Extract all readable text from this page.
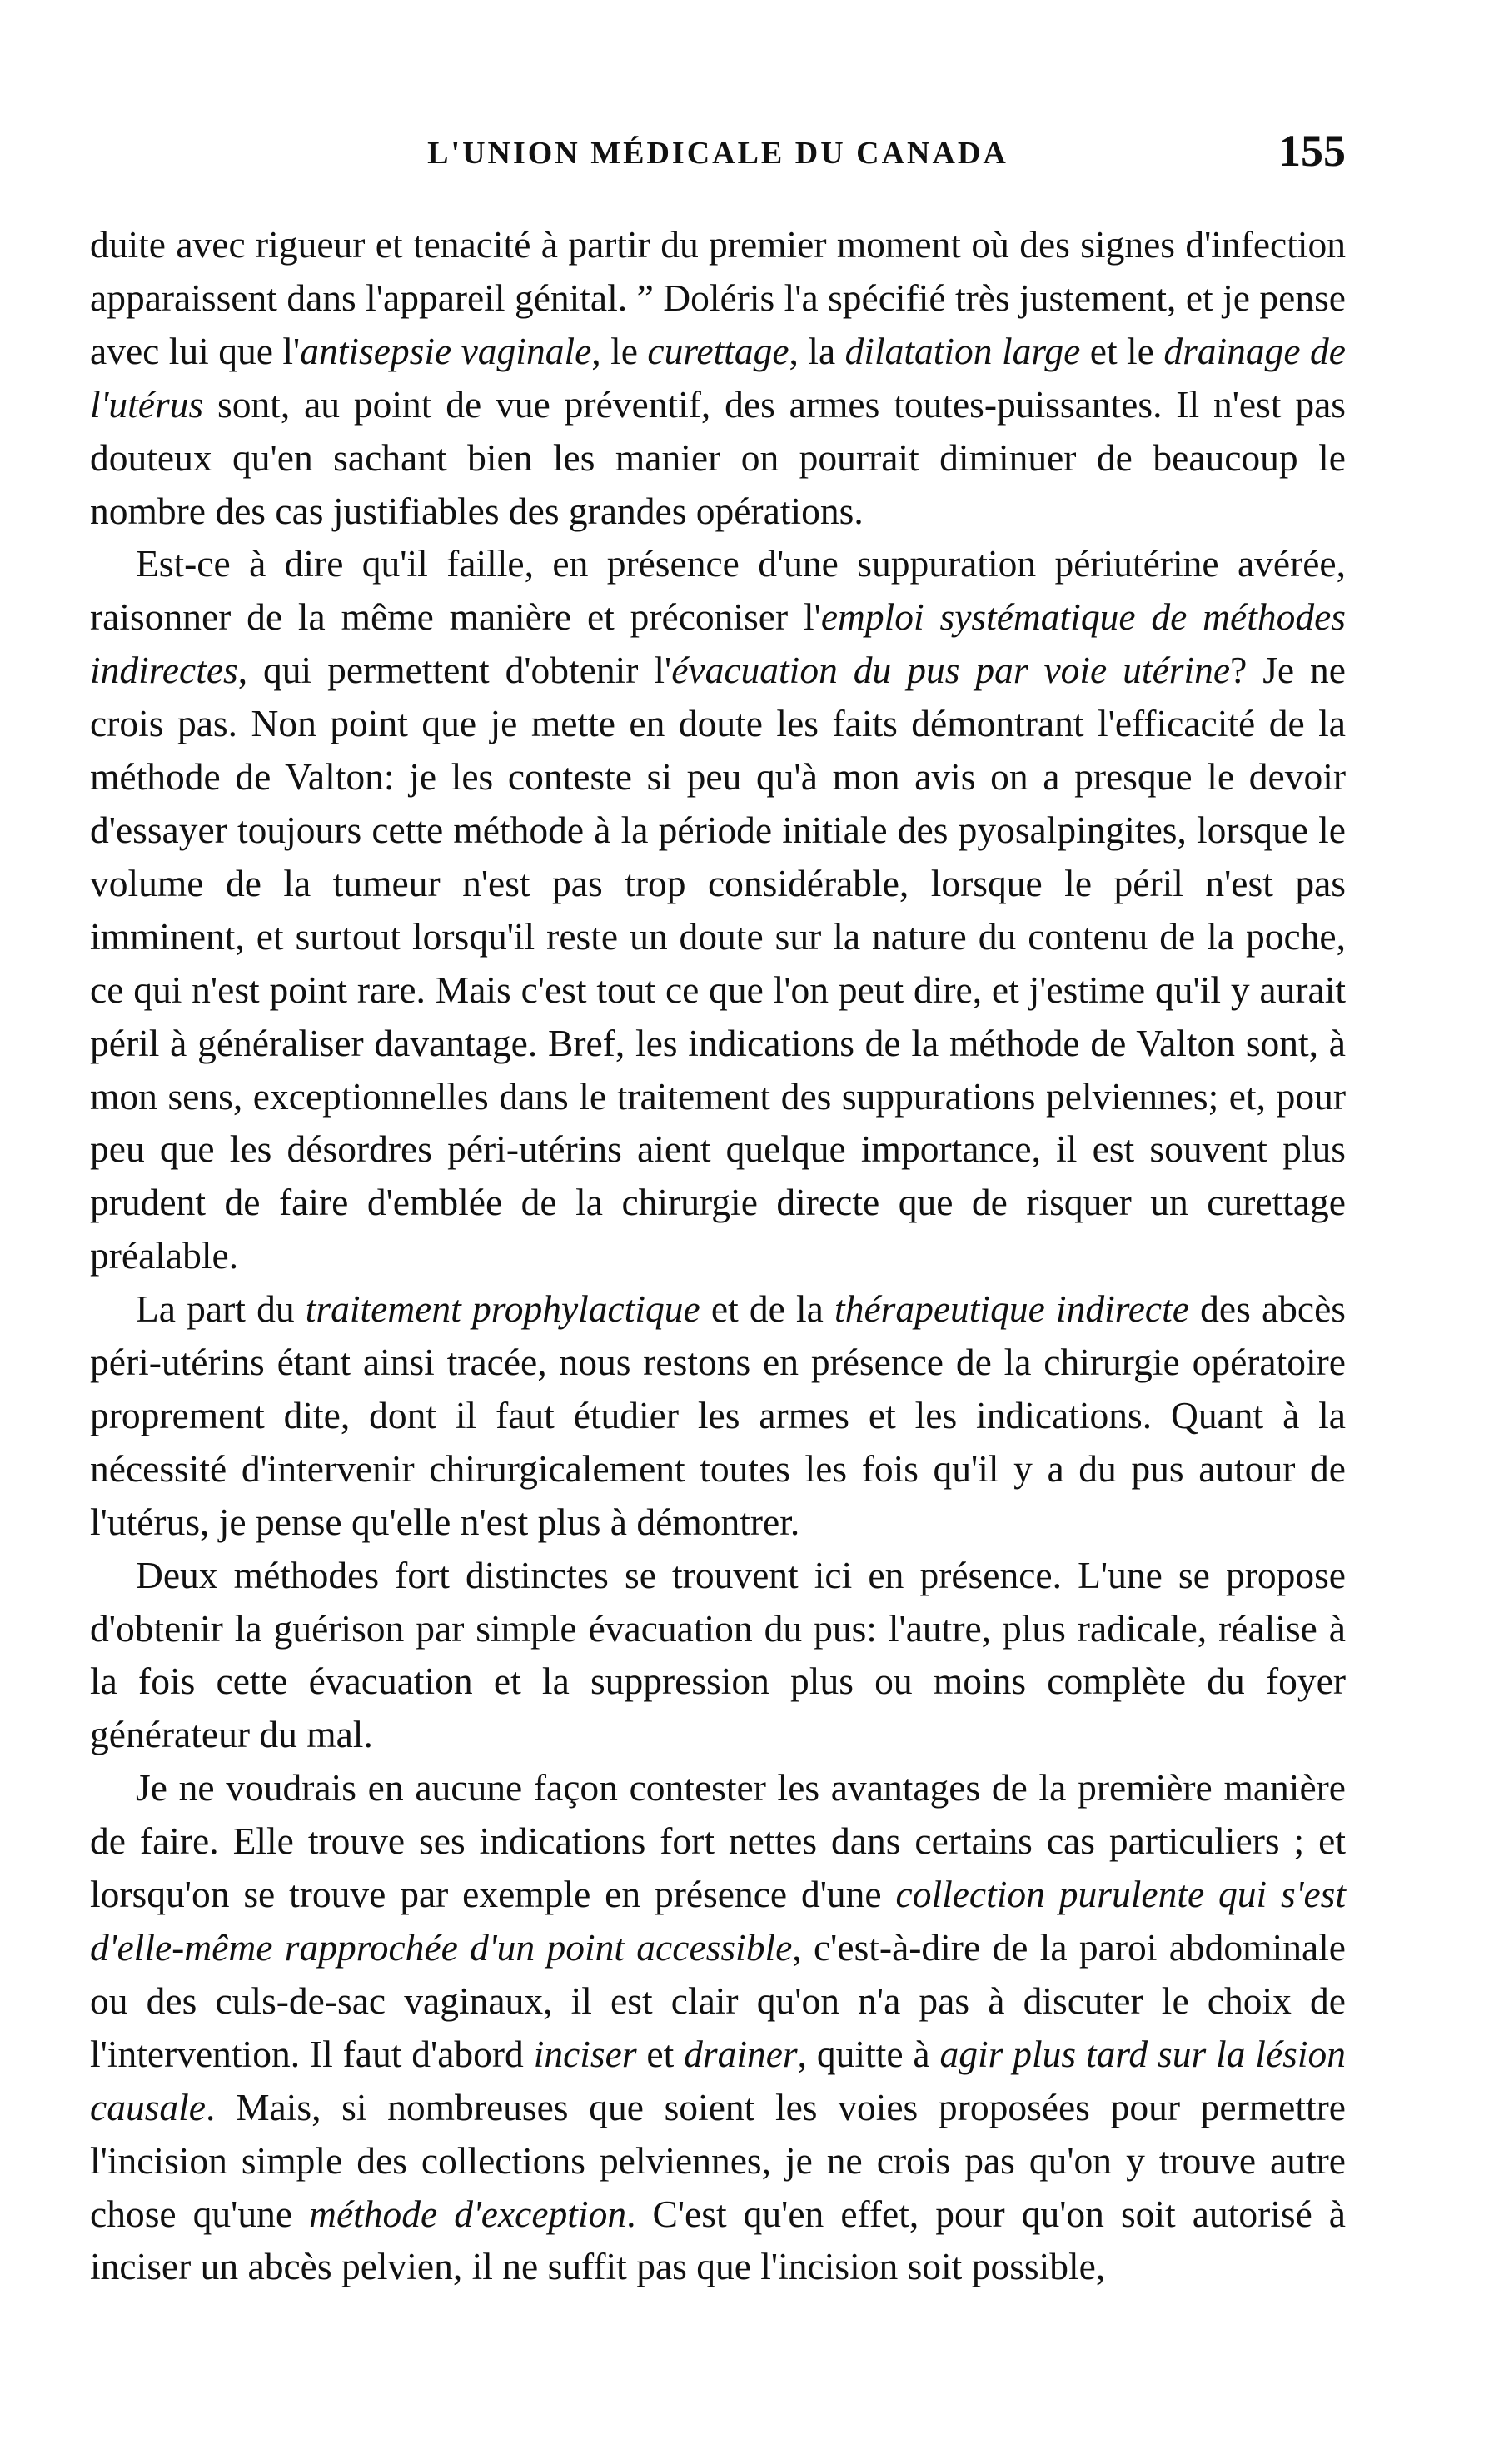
L'UNION MÉDICALE DU CANADA	155

duite avec rigueur et tenacité à partir du premier moment où des signes d'infection apparaissent dans l'appareil génital. ” Doléris l'a spécifié très justement, et je pense avec lui que l'antisepsie vaginale, le curettage, la dilatation large et le drainage de l'utérus sont, au point de vue préventif, des armes toutes-puissantes. Il n'est pas douteux qu'en sachant bien les manier on pourrait diminuer de beaucoup le nombre des cas justifiables des grandes opérations.

Est-ce à dire qu'il faille, en présence d'une suppuration périutérine avérée, raisonner de la même manière et préconiser l'emploi systématique de méthodes indirectes, qui permettent d'obtenir l'évacuation du pus par voie utérine? Je ne crois pas. Non point que je mette en doute les faits démontrant l'efficacité de la méthode de Valton: je les conteste si peu qu'à mon avis on a presque le devoir d'essayer toujours cette méthode à la période initiale des pyosalpingites, lorsque le volume de la tumeur n'est pas trop considérable, lorsque le péril n'est pas imminent, et surtout lorsqu'il reste un doute sur la nature du contenu de la poche, ce qui n'est point rare. Mais c'est tout ce que l'on peut dire, et j'estime qu'il y aurait péril à généraliser davantage. Bref, les indications de la méthode de Valton sont, à mon sens, exceptionnelles dans le traitement des suppurations pelviennes; et, pour peu que les désordres péri-utérins aient quelque importance, il est souvent plus prudent de faire d'emblée de la chirurgie directe que de risquer un curettage préalable.

La part du traitement prophylactique et de la thérapeutique indirecte des abcès péri-utérins étant ainsi tracée, nous restons en présence de la chirurgie opératoire proprement dite, dont il faut étudier les armes et les indications. Quant à la nécessité d'intervenir chirurgicalement toutes les fois qu'il y a du pus autour de l'utérus, je pense qu'elle n'est plus à démontrer.

Deux méthodes fort distinctes se trouvent ici en présence. L'une se propose d'obtenir la guérison par simple évacuation du pus: l'autre, plus radicale, réalise à la fois cette évacuation et la suppression plus ou moins complète du foyer générateur du mal.

Je ne voudrais en aucune façon contester les avantages de la première manière de faire. Elle trouve ses indications fort nettes dans certains cas particuliers ; et lorsqu'on se trouve par exemple en présence d'une collection purulente qui s'est d'elle-même rapprochée d'un point accessible, c'est-à-dire de la paroi abdominale ou des culs-de-sac vaginaux, il est clair qu'on n'a pas à discuter le choix de l'intervention. Il faut d'abord inciser et drainer, quitte à agir plus tard sur la lésion causale. Mais, si nombreuses que soient les voies proposées pour permettre l'incision simple des collections pelviennes, je ne crois pas qu'on y trouve autre chose qu'une méthode d'exception. C'est qu'en effet, pour qu'on soit autorisé à inciser un abcès pelvien, il ne suffit pas que l'incision soit possible,
